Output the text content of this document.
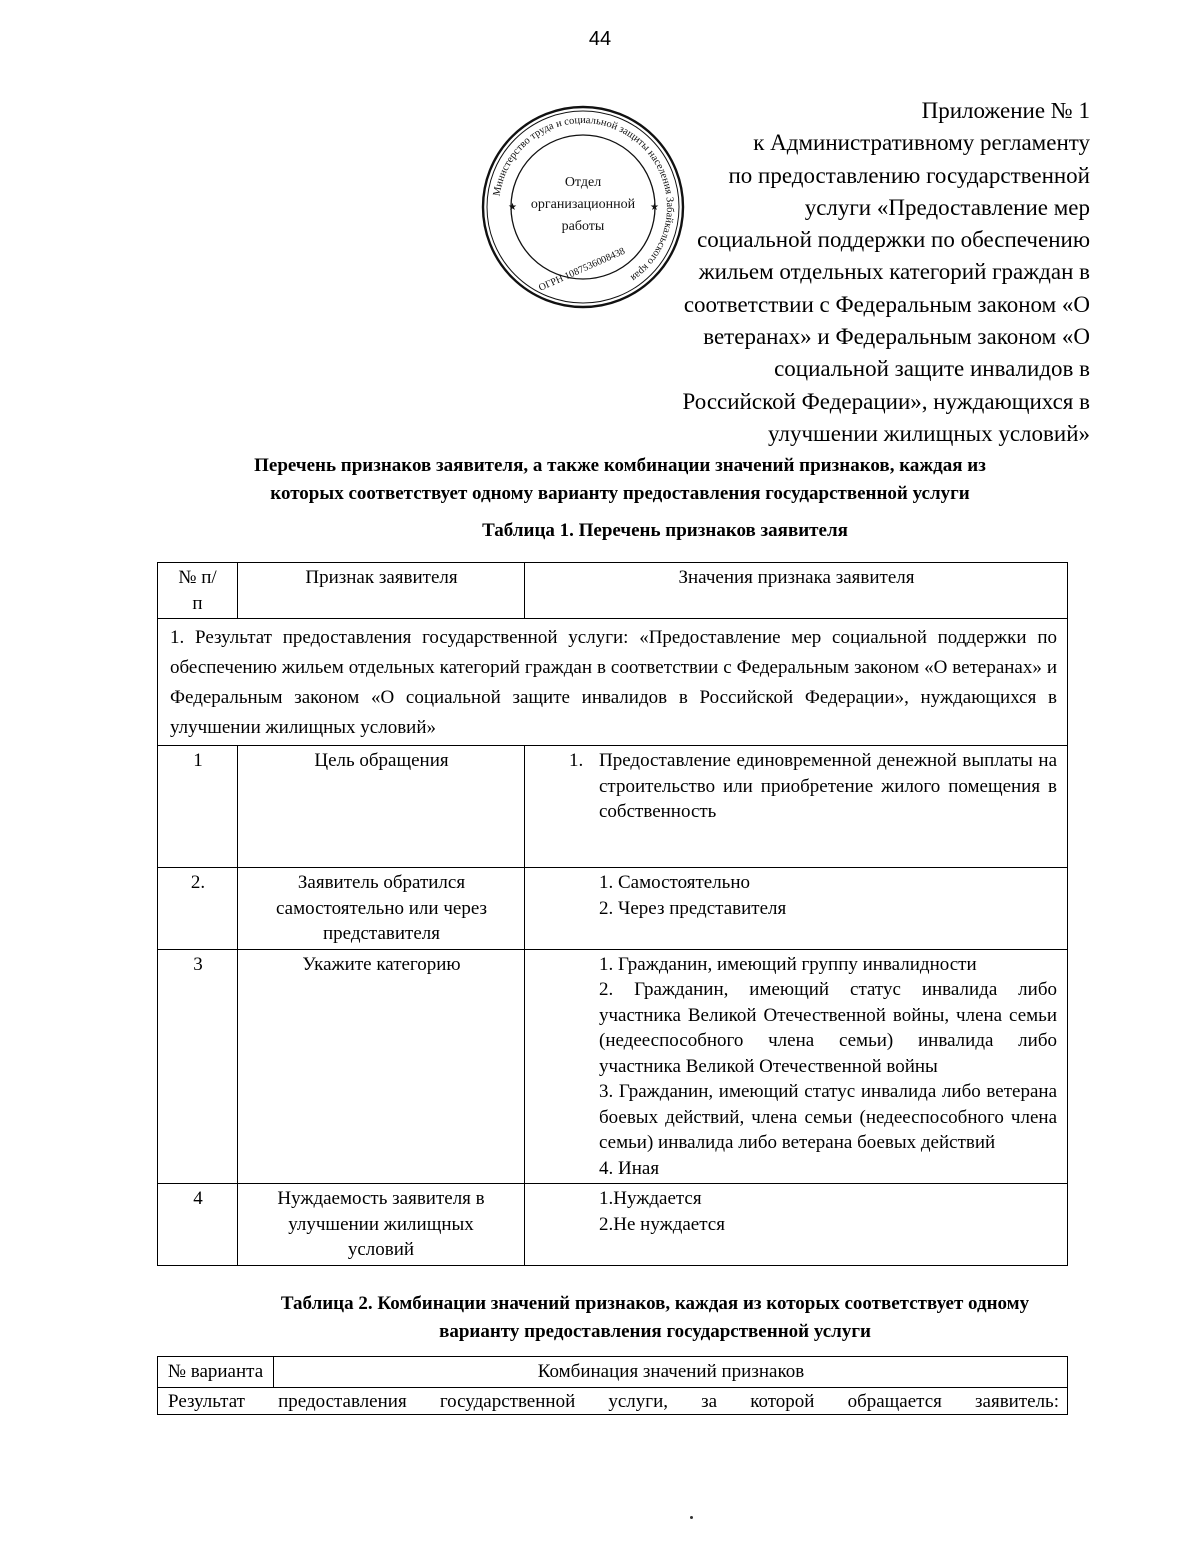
44
Министерство труда и социальной защиты населения Забайкальского края
Отдел
организационной
работы
ОГРН 1087536008438
★	★
Приложение № 1
к Административному регламенту
по предоставлению государственной
услуги «Предоставление мер
социальной поддержки по обеспечению
жильем отдельных категорий граждан в
соответствии с Федеральным законом «О
ветеранах» и Федеральным законом «О
социальной защите инвалидов в
Российской Федерации», нуждающихся в
улучшении жилищных условий»
Перечень признаков заявителя, а также комбинации значений признаков, каждая из
которых соответствует одному варианту предоставления государственной услуги
Таблица 1. Перечень признаков заявителя
№ п/п	Признак заявителя	Значения признака заявителя
1. Результат предоставления государственной услуги: «Предоставление мер социальной поддержки по обеспечению жильем отдельных категорий граждан в соответствии с Федеральным законом «О ветеранах» и Федеральным законом «О социальной защите инвалидов в Российской Федерации», нуждающихся в улучшении жилищных условий»		
1	Цель обращения	1. Предоставление единовременной денежной выплаты на строительство или приобретение жилого помещения в собственность

2.	Заявитель обратился самостоятельно или через представителя	1. Самостоятельно
2. Через представителя

3	Укажите категорию	1. Гражданин, имеющий группу инвалидности
2. Гражданин, имеющий статус инвалида либо участника Великой Отечественной войны, члена семьи (недееспособного члена семьи) инвалида либо участника Великой Отечественной войны
3. Гражданин, имеющий статус инвалида либо ветерана боевых действий, члена семьи (недееспособного члена семьи) инвалида либо ветерана боевых действий
4. Иная

4	Нуждаемость заявителя в улучшении жилищных условий	1.Нуждается
2.Не нуждается
Таблица 2. Комбинации значений признаков, каждая из которых соответствует одному варианту предоставления государственной услуги
№ варианта	Комбинация значений признаков
Результат предоставления государственной услуги, за которой обращается заявитель:
